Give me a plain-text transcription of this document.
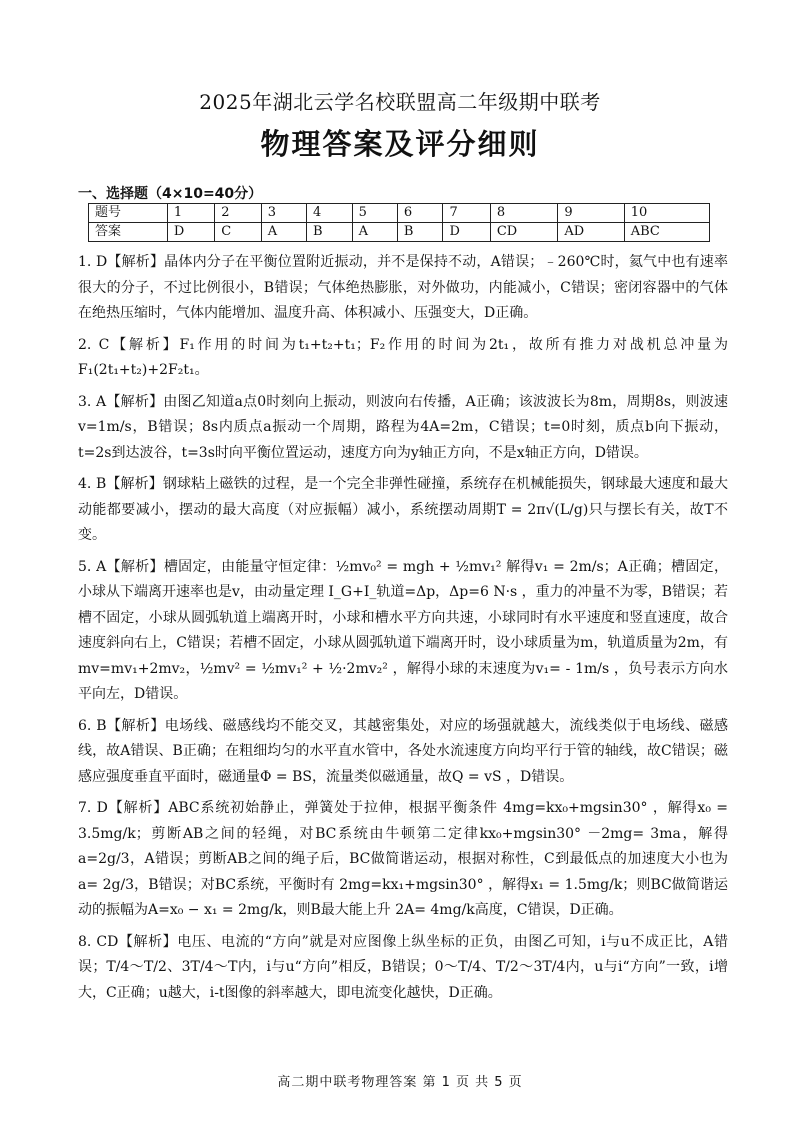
2025年湖北云学名校联盟高二年级期中联考
物理答案及评分细则
一、选择题（4×10=40分）
题号	1	2	3	4	5	6	7	8	9	10
答案	D	C	A	B	A	B	D	CD	AD	ABC

1. D【解析】晶体内分子在平衡位置附近振动，并不是保持不动，A错误；﹣260℃时，氦气中也有速率很大的分子，不过比例很小，B错误；气体绝热膨胀，对外做功，内能减小，C错误；密闭容器中的气体在绝热压缩时，气体内能增加、温度升高、体积减小、压强变大，D正确。

2. C【解析】F₁作用的时间为t₁+t₂+t₁；F₂作用的时间为2t₁，故所有推力对战机总冲量为F₁(2t₁+t₂)+2F₂t₁。

3. A【解析】由图乙知道a点0时刻向上振动，则波向右传播，A正确；该波波长为8m，周期8s，则波速v=1m/s，B错误；8s内质点a振动一个周期，路程为4A=2m，C错误；t=0时刻，质点b向下振动，t=2s到达波谷，t=3s时向平衡位置运动，速度方向为y轴正方向，不是x轴正方向，D错误。

4. B【解析】钢球粘上磁铁的过程，是一个完全非弹性碰撞，系统存在机械能损失，钢球最大速度和最大动能都要减小，摆动的最大高度（对应振幅）减小，系统摆动周期T = 2π√(L/g)只与摆长有关，故T不变。

5. A【解析】槽固定，由能量守恒定律：½mv₀² = mgh + ½mv₁² 解得v₁ = 2m/s；A正确；槽固定，小球从下端离开速率也是v，由动量定理 I_G+I_轨道=Δp，Δp=6 N·s ，重力的冲量不为零，B错误；若槽不固定，小球从圆弧轨道上端离开时，小球和槽水平方向共速，小球同时有水平速度和竖直速度，故合速度斜向右上，C错误；若槽不固定，小球从圆弧轨道下端离开时，设小球质量为m，轨道质量为2m，有mv=mv₁+2mv₂，½mv² = ½mv₁² + ½·2mv₂² ，解得小球的末速度为v₁= - 1m/s ，负号表示方向水平向左，D错误。

6. B【解析】电场线、磁感线均不能交叉，其越密集处，对应的场强就越大，流线类似于电场线、磁感线，故A错误、B正确；在粗细均匀的水平直水管中，各处水流速度方向均平行于管的轴线，故C错误；磁感应强度垂直平面时，磁通量Φ = BS，流量类似磁通量，故Q = vS ，D错误。

7. D【解析】ABC系统初始静止，弹簧处于拉伸，根据平衡条件 4mg=kx₀+mgsin30° ，解得x₀ = 3.5mg/k；剪断AB之间的轻绳，对BC系统由牛顿第二定律kx₀+mgsin30° －2mg= 3ma，解得 a=2g/3，A错误；剪断AB之间的绳子后，BC做简谐运动，根据对称性，C到最低点的加速度大小也为a= 2g/3，B错误；对BC系统，平衡时有 2mg=kx₁+mgsin30° ，解得x₁ = 1.5mg/k；则BC做简谐运动的振幅为A=x₀ − x₁ = 2mg/k，则B最大能上升 2A= 4mg/k高度，C错误，D正确。

8. CD【解析】电压、电流的“方向”就是对应图像上纵坐标的正负，由图乙可知，i与u不成正比，A错误；T/4～T/2、3T/4～T内，i与u“方向”相反，B错误；0～T/4、T/2～3T/4内，u与i“方向”一致，i增大，C正确；u越大，i-t图像的斜率越大，即电流变化越快，D正确。

高二期中联考物理答案 第 1 页 共 5 页
